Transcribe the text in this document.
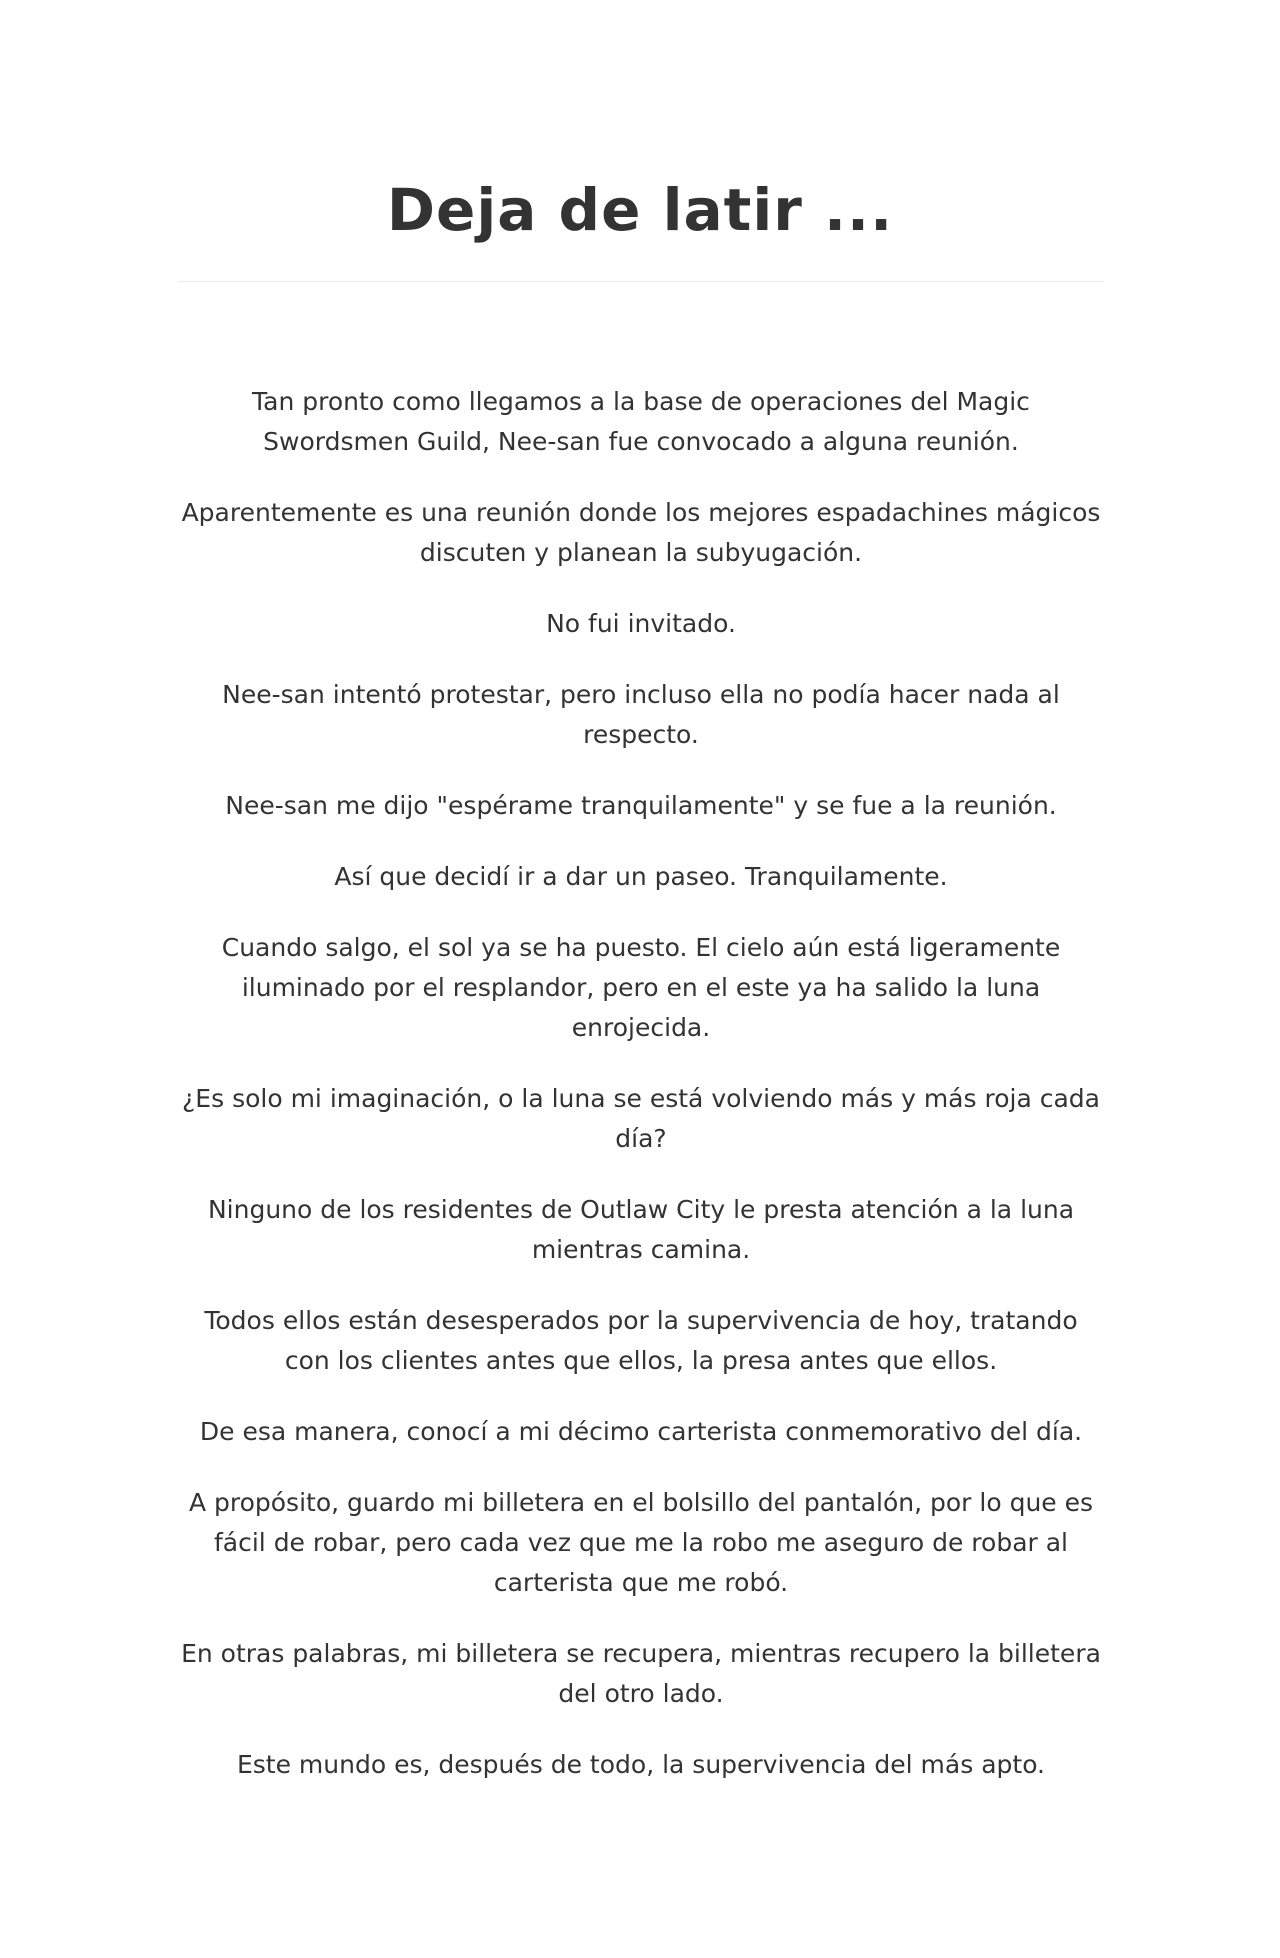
Deja de latir ...

Tan pronto como llegamos a la base de operaciones del Magic Swordsmen Guild, Nee-san fue convocado a alguna reunión.

Aparentemente es una reunión donde los mejores espadachines mágicos discuten y planean la subyugación.

No fui invitado.

Nee-san intentó protestar, pero incluso ella no podía hacer nada al respecto.

Nee-san me dijo "espérame tranquilamente" y se fue a la reunión.

Así que decidí ir a dar un paseo. Tranquilamente.

Cuando salgo, el sol ya se ha puesto. El cielo aún está ligeramente iluminado por el resplandor, pero en el este ya ha salido la luna enrojecida.

¿Es solo mi imaginación, o la luna se está volviendo más y más roja cada día?

Ninguno de los residentes de Outlaw City le presta atención a la luna mientras camina.

Todos ellos están desesperados por la supervivencia de hoy, tratando con los clientes antes que ellos, la presa antes que ellos.

De esa manera, conocí a mi décimo carterista conmemorativo del día.

A propósito, guardo mi billetera en el bolsillo del pantalón, por lo que es fácil de robar, pero cada vez que me la robo me aseguro de robar al carterista que me robó.

En otras palabras, mi billetera se recupera, mientras recupero la billetera del otro lado.

Este mundo es, después de todo, la supervivencia del más apto.
